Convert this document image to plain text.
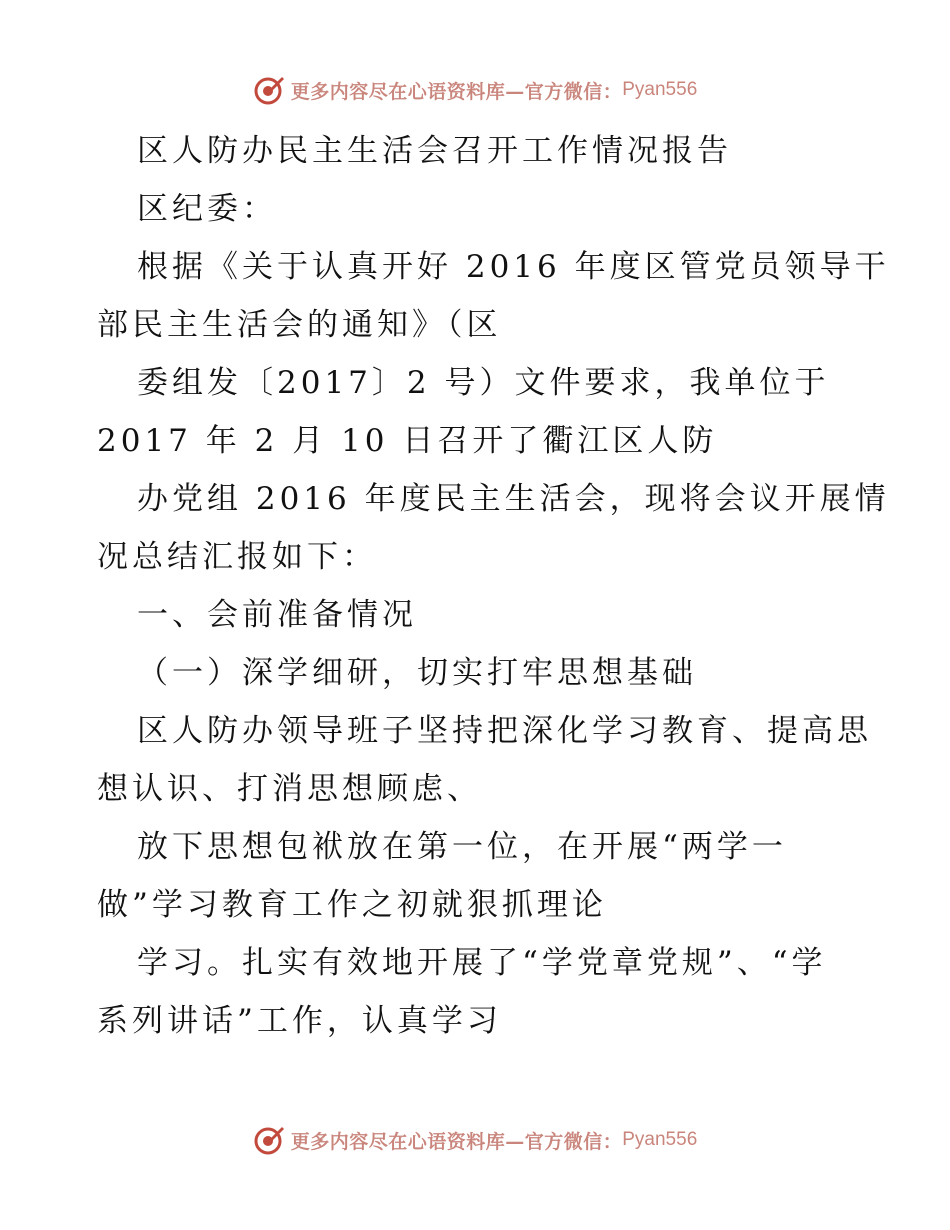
更多内容尽在心语资料库—官方微信： Pyan556
区人防办民主生活会召开工作情况报告
区纪委：
根据《关于认真开好 2016 年度区管党员领导干
部民主生活会的通知》（区
委组发〔2017〕2 号）文件要求，我单位于
2017 年 2 月 10 日召开了衢江区人防
办党组 2016 年度民主生活会，现将会议开展情
况总结汇报如下：
一、会前准备情况
（一）深学细研，切实打牢思想基础
区人防办领导班子坚持把深化学习教育、提高思
想认识、打消思想顾虑、
放下思想包袱放在第一位，在开展“两学一
做”学习教育工作之初就狠抓理论
学习。扎实有效地开展了“学党章党规”、“学
系列讲话”工作，认真学习
更多内容尽在心语资料库—官方微信： Pyan556
